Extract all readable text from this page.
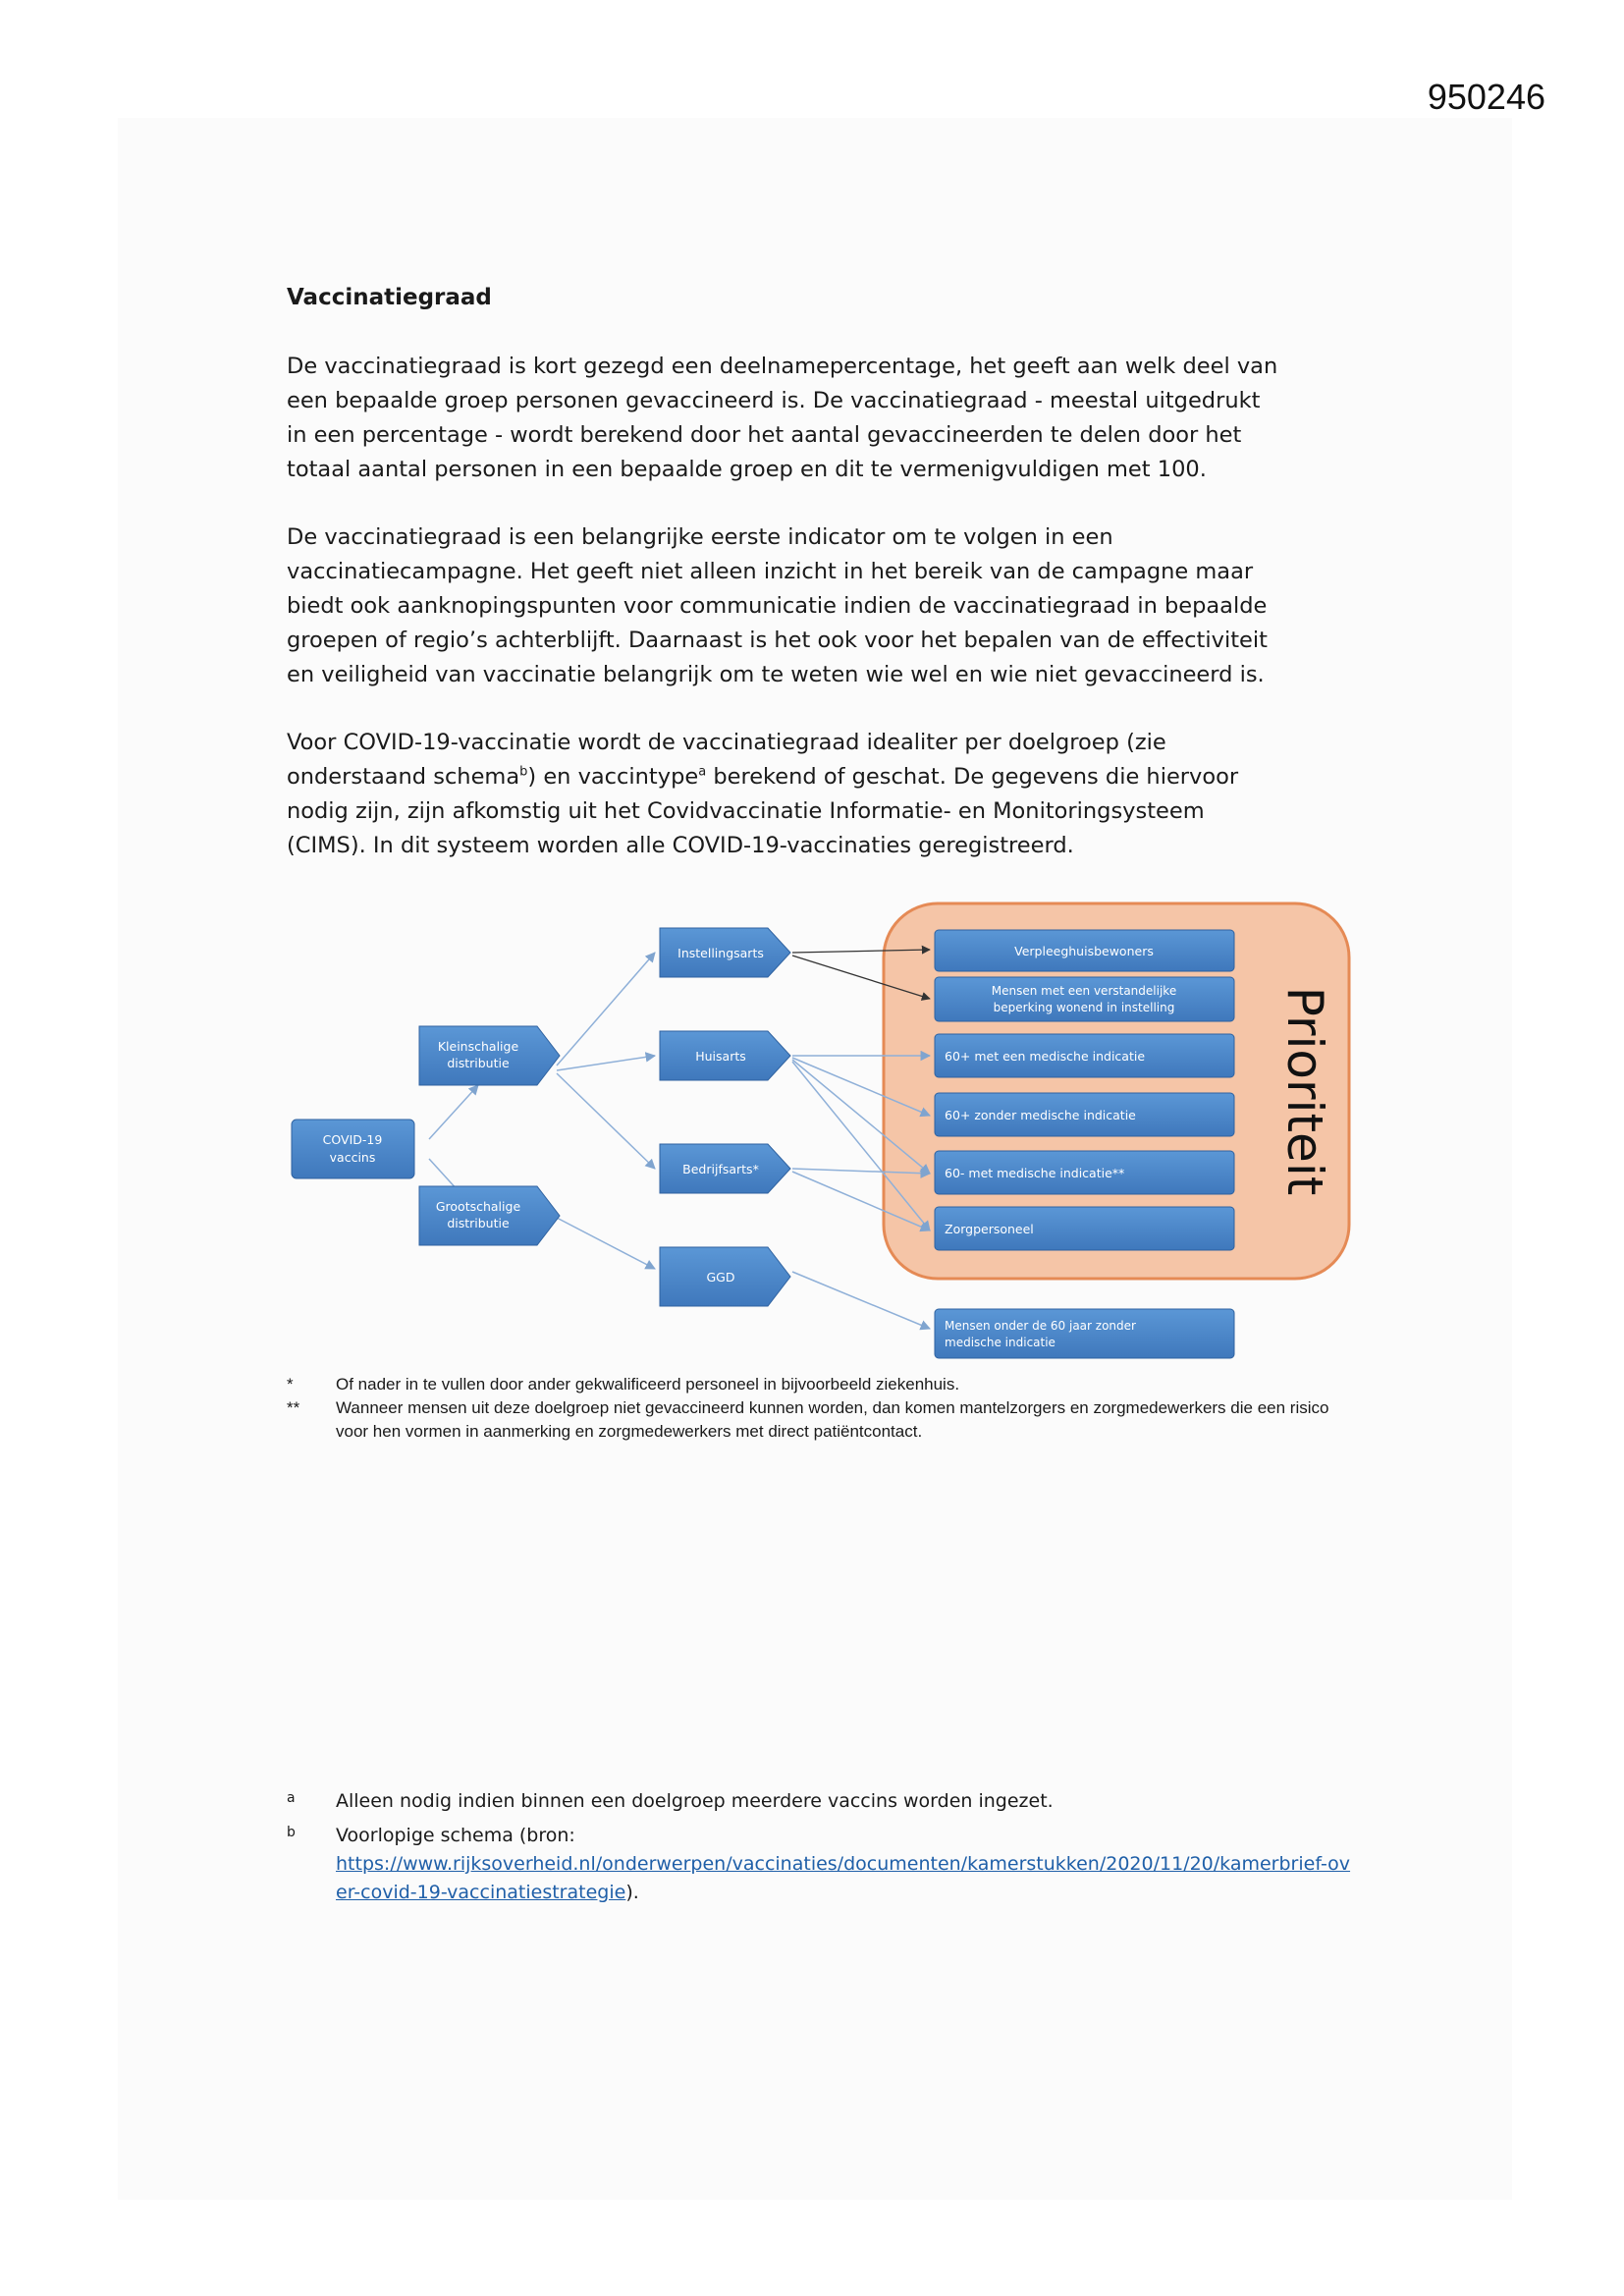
950246
Vaccinatiegraad

De vaccinatiegraad is kort gezegd een deelnamepercentage, het geeft aan welk deel van
een bepaalde groep personen gevaccineerd is. De vaccinatiegraad - meestal uitgedrukt
in een percentage - wordt berekend door het aantal gevaccineerden te delen door het
totaal aantal personen in een bepaalde groep en dit te vermenigvuldigen met 100.

De vaccinatiegraad is een belangrijke eerste indicator om te volgen in een
vaccinatiecampagne. Het geeft niet alleen inzicht in het bereik van de campagne maar
biedt ook aanknopingspunten voor communicatie indien de vaccinatiegraad in bepaalde
groepen of regio’s achterblijft. Daarnaast is het ook voor het bepalen van de effectiviteit
en veiligheid van vaccinatie belangrijk om te weten wie wel en wie niet gevaccineerd is.

Voor COVID-19-vaccinatie wordt de vaccinatiegraad idealiter per doelgroep (zie
onderstaand schema$^b$) en vaccintype$^a$ berekend of geschat. De gegevens die hiervoor
nodig zijn, zijn afkomstig uit het Covidvaccinatie Informatie- en Monitoringsysteem
(CIMS). In dit systeem worden alle COVID-19-vaccinaties geregistreerd.

Prioriteit
COVID-19
vaccins
Kleinschalige
distributie
Grootschalige
distributie
Instellingsarts
Huisarts
Bedrijfsarts*
GGD
Verpleeghuisbewoners
Mensen met een verstandelijke
beperking wonend in instelling
60+ met een medische indicatie
60+ zonder medische indicatie
60- met medische indicatie**
Zorgpersoneel
Mensen onder de 60 jaar zonder
medische indicatie
*	Of nader in te vullen door ander gekwalificeerd personeel in bijvoorbeeld ziekenhuis.
**	Wanneer mensen uit deze doelgroep niet gevaccineerd kunnen worden, dan komen mantelzorgers en zorgmedewerkers die een risico voor hen vormen in aanmerking en zorgmedewerkers met direct patiëntcontact.
a	Alleen nodig indien binnen een doelgroep meerdere vaccins worden ingezet.
b	Voorlopige schema (bron:
https://www.rijksoverheid.nl/onderwerpen/vaccinaties/documenten/kamerstukken/2020/11/20/kamerbrief-over-covid-19-vaccinatiestrategie).
